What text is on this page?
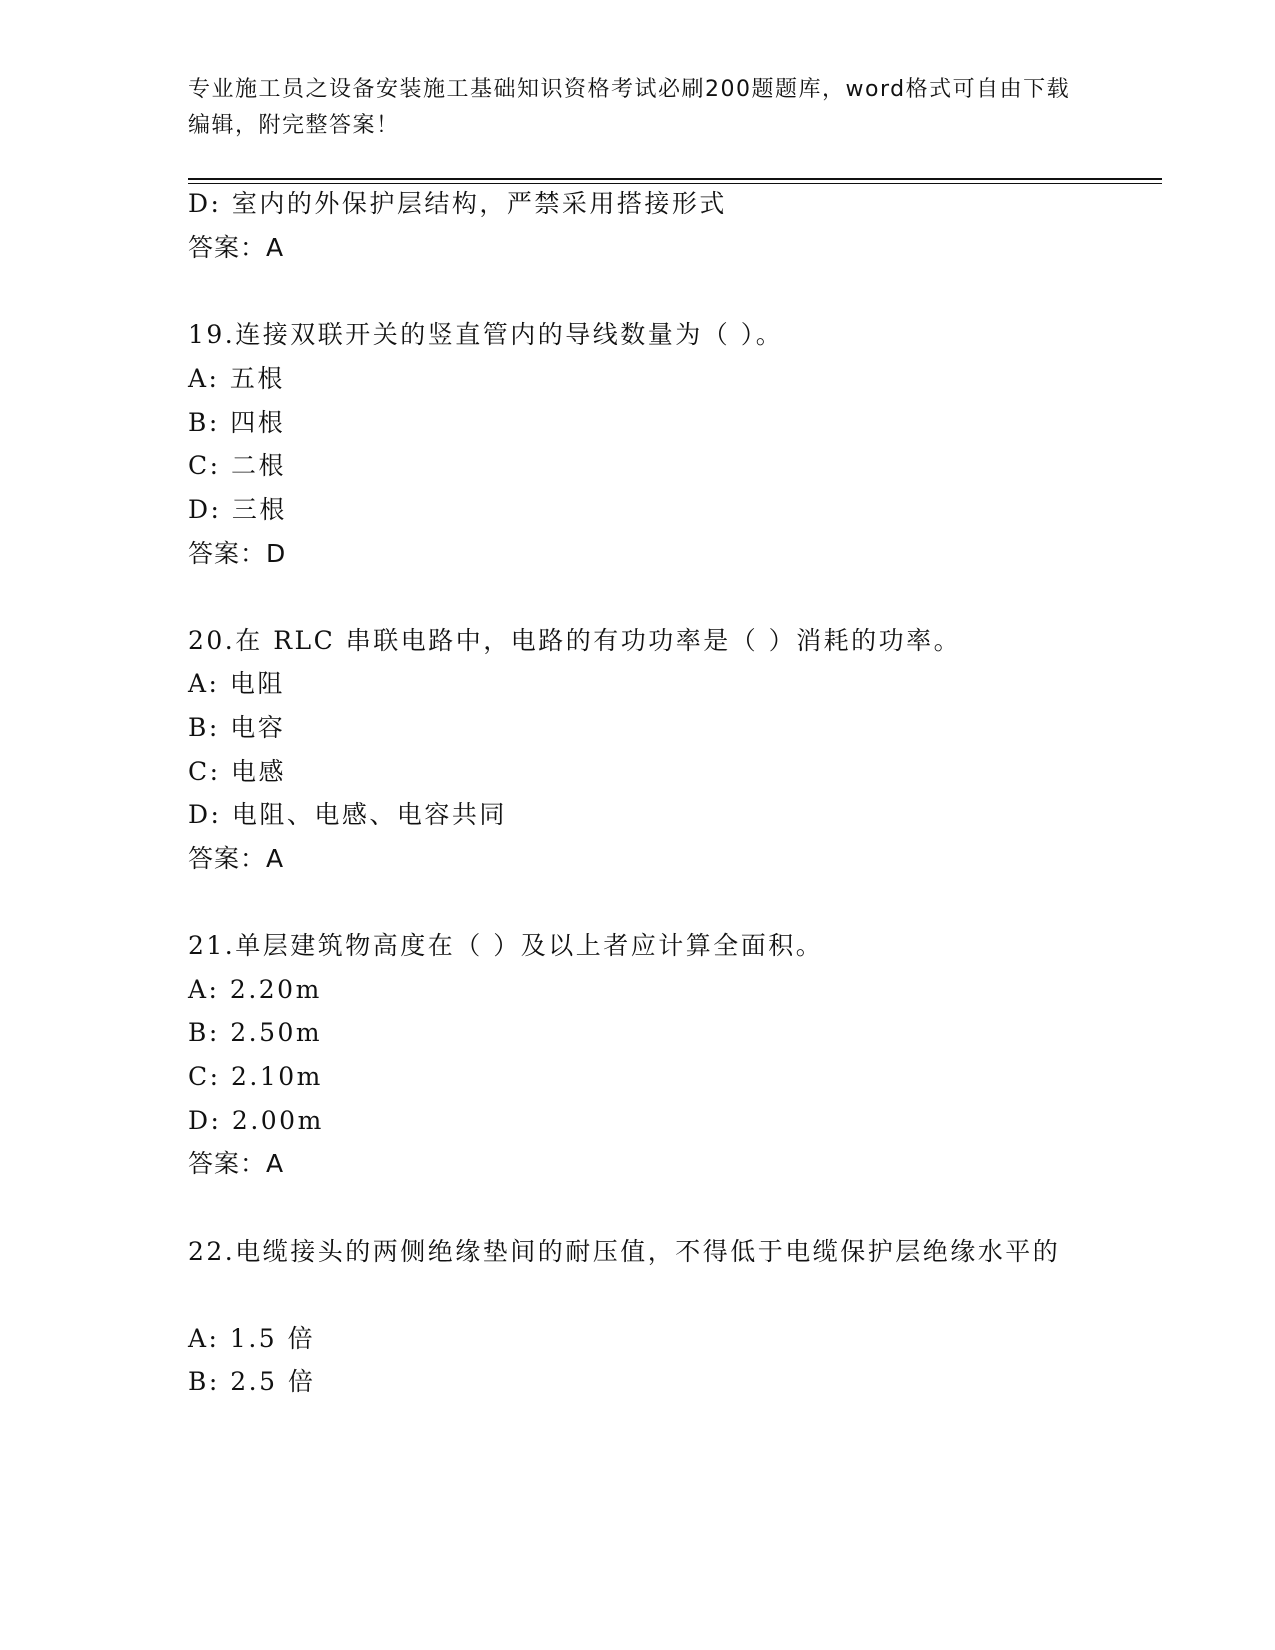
专业施工员之设备安装施工基础知识资格考试必刷200题题库，word格式可自由下载编辑，附完整答案！
D: 室内的外保护层结构，严禁采用搭接形式
答案：A
19.连接双联开关的竖直管内的导线数量为（ ）。
A: 五根
B: 四根
C: 二根
D: 三根
答案：D
20.在 RLC 串联电路中，电路的有功功率是（ ）消耗的功率。
A: 电阻
B: 电容
C: 电感
D: 电阻、电感、电容共同
答案：A
21.单层建筑物高度在（ ）及以上者应计算全面积。
A: 2.20m
B: 2.50m
C: 2.10m
D: 2.00m
答案：A
22.电缆接头的两侧绝缘垫间的耐压值，不得低于电缆保护层绝缘水平的
A: 1.5 倍
B: 2.5 倍
